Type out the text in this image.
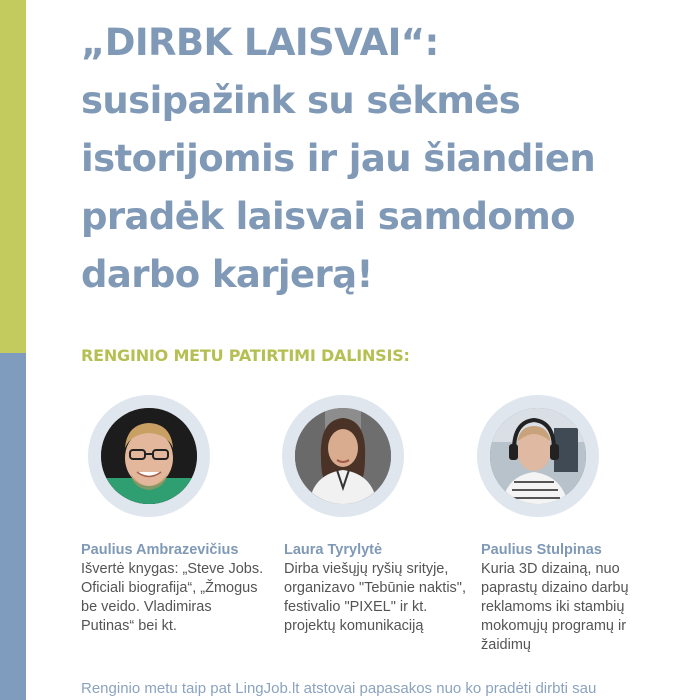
„DIRBK LAISVAI“:
susipažink su sėkmės
istorijomis ir jau šiandien
pradėk laisvai samdomo
darbo karjerą!
RENGINIO METU PATIRTIMI DALINSIS:
Paulius Ambrazevičius
Išvertė knygas: „Steve Jobs. Oficiali biografija“, „Žmogus be veido. Vladimiras Putinas“ bei kt.
Laura Tyrylytė
Dirba viešųjų ryšių srityje, organizavo "Tebūnie naktis", festivalio "PIXEL" ir kt. projektų komunikaciją
Paulius Stulpinas
Kuria 3D dizainą, nuo paprastų dizaino darbų reklamoms iki stambių mokomųjų programų ir žaidimų
Renginio metu taip pat LingJob.lt atstovai papasakos nuo ko pradėti dirbti sau
